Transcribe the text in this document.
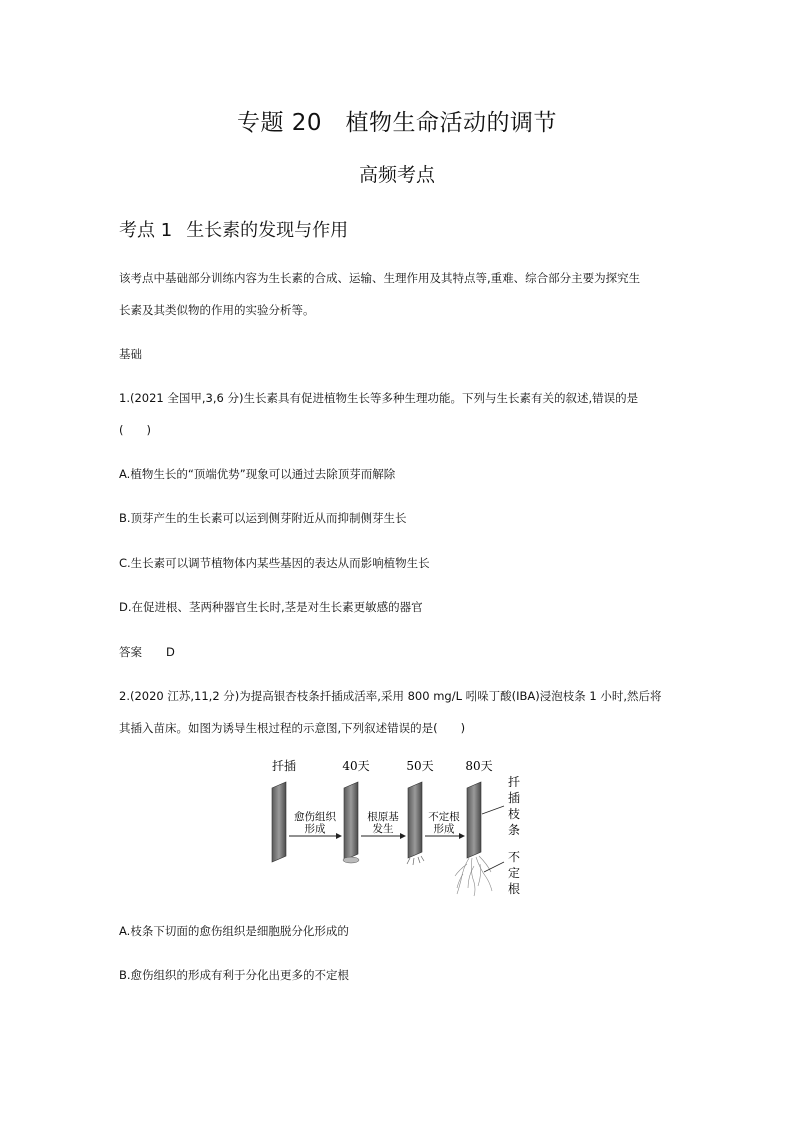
专题 20　植物生命活动的调节
高频考点
考点 1 生长素的发现与作用
该考点中基础部分训练内容为生长素的合成、运输、生理作用及其特点等,重难、综合部分主要为探究生
长素及其类似物的作用的实验分析等。
基础
1.(2021 全国甲,3,6 分)生长素具有促进植物生长等多种生理功能。下列与生长素有关的叙述,错误的是
(　　)
A.植物生长的“顶端优势”现象可以通过去除顶芽而解除
B.顶芽产生的生长素可以运到侧芽附近从而抑制侧芽生长
C.生长素可以调节植物体内某些基因的表达从而影响植物生长
D.在促进根、茎两种器官生长时,茎是对生长素更敏感的器官
答案 D
2.(2020 江苏,11,2 分)为提高银杏枝条扦插成活率,采用 800 mg/L 吲哚丁酸(IBA)浸泡枝条 1 小时,然后将
其插入苗床。如图为诱导生根过程的示意图,下列叙述错误的是(　　)
扦插	40天	50天	80天
愈伤组织
形成
根原基
发生
不定根
形成
扦
插
枝
条
不
定
根
A.枝条下切面的愈伤组织是细胞脱分化形成的
B.愈伤组织的形成有利于分化出更多的不定根
